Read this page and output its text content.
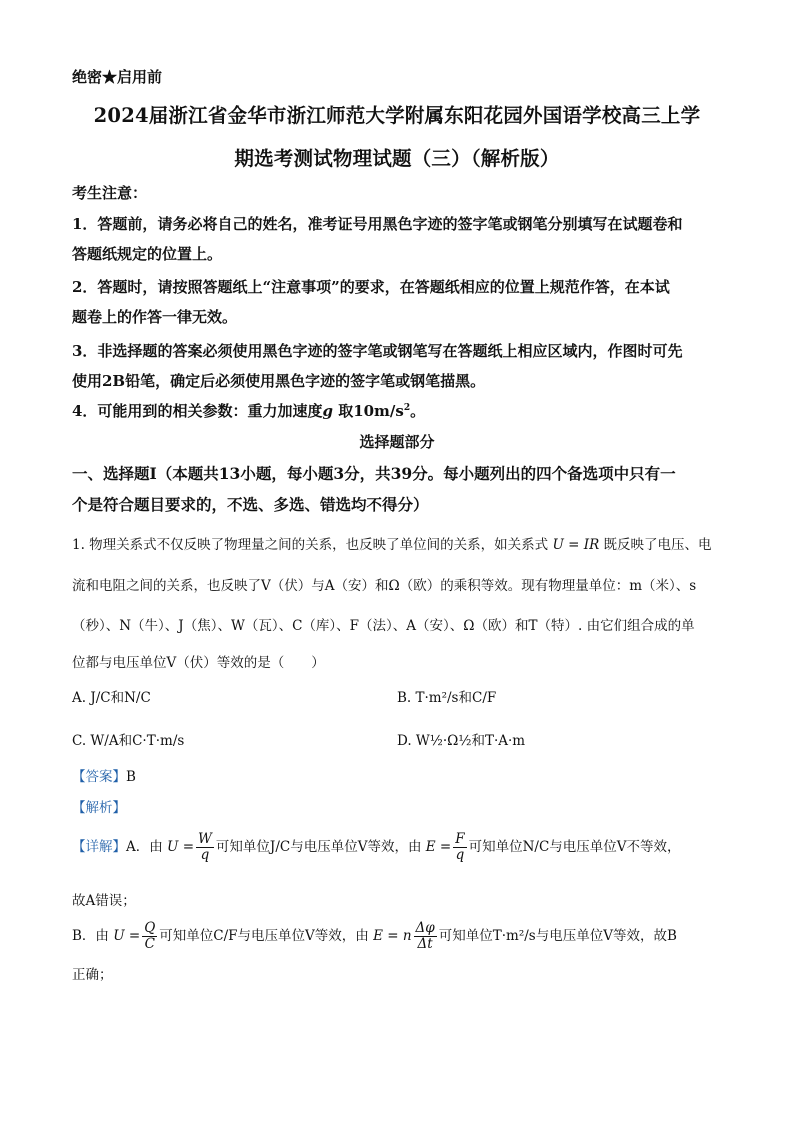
绝密★启用前
2024届浙江省金华市浙江师范大学附属东阳花园外国语学校高三上学
期选考测试物理试题（三）（解析版）
考生注意：
1．答题前，请务必将自己的姓名，准考证号用黑色字迹的签字笔或钢笔分别填写在试题卷和
答题纸规定的位置上。
2．答题时，请按照答题纸上“注意事项”的要求，在答题纸相应的位置上规范作答，在本试
题卷上的作答一律无效。
3．非选择题的答案必须使用黑色字迹的签字笔或钢笔写在答题纸上相应区域内，作图时可先
使用2B铅笔，确定后必须使用黑色字迹的签字笔或钢笔描黑。
4．可能用到的相关参数：重力加速度g 取$10m/s^2$。
选择题部分
一、选择题Ⅰ（本题共13小题，每小题3分，共39分。每小题列出的四个备选项中只有一
个是符合题目要求的，不选、多选、错选均不得分）
1. 物理关系式不仅反映了物理量之间的关系，也反映了单位间的关系，如关系式 U = IR 既反映了电压、电
流和电阻之间的关系，也反映了V（伏）与A（安）和Ω（欧）的乘积等效。现有物理量单位：m（米）、s
（秒）、N（牛）、J（焦）、W（瓦）、C（库）、F（法）、A（安）、Ω（欧）和T（特）. 由它们组合成的单
位都与电压单位V（伏）等效的是（　　）
A. J/C和N/C	B. T·m²/s和C/F
C. W/A和C·T·m/s	D. W½·Ω½和T·A·m
【答案】B
【解析】
【详解】A．由 $U = \frac{W}{q}$ 可知单位J/C与电压单位V等效，由 $E = \frac{F}{q}$ 可知单位N/C与电压单位V不等效，
故A错误；
B．由 $U = \frac{Q}{C}$ 可知单位C/F与电压单位V等效，由 E = n $\frac{\Delta\varphi}{\Delta t}$ 可知单位T·m²/s与电压单位V等效，故B
正确；
